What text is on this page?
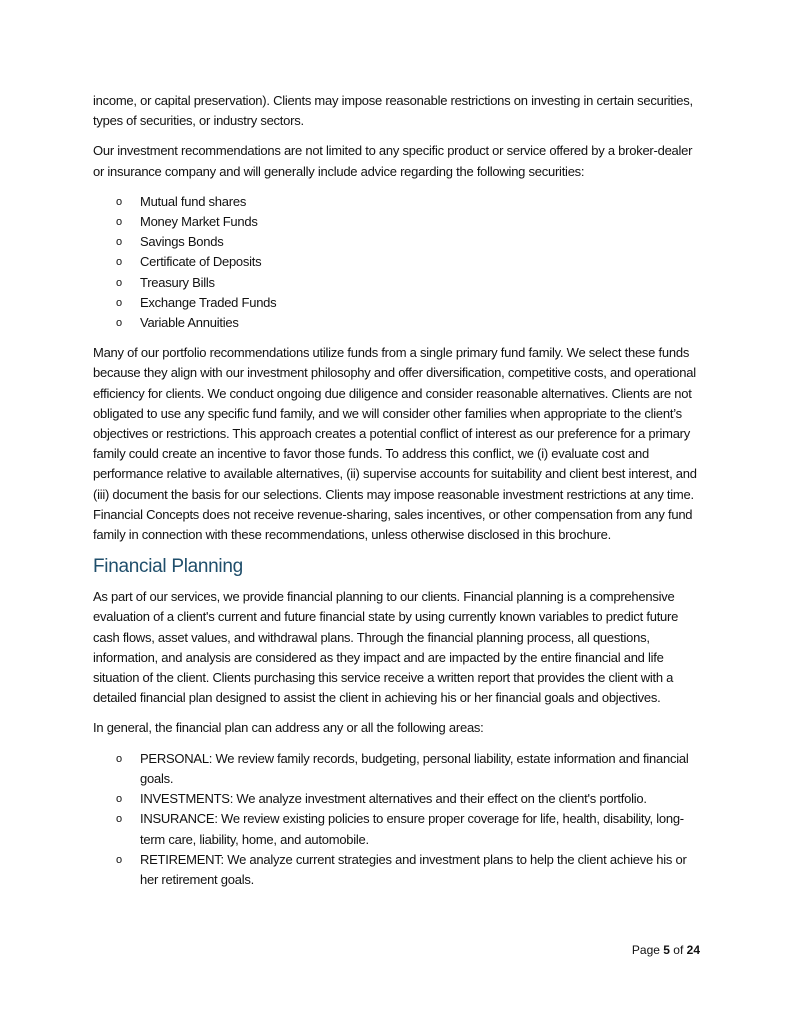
income, or capital preservation). Clients may impose reasonable restrictions on investing in certain securities, types of securities, or industry sectors.

Our investment recommendations are not limited to any specific product or service offered by a broker-dealer or insurance company and will generally include advice regarding the following securities:

o Mutual fund shares
o Money Market Funds
o Savings Bonds
o Certificate of Deposits
o Treasury Bills
o Exchange Traded Funds
o Variable Annuities

Many of our portfolio recommendations utilize funds from a single primary fund family. We select these funds because they align with our investment philosophy and offer diversification, competitive costs, and operational efficiency for clients. We conduct ongoing due diligence and consider reasonable alternatives. Clients are not obligated to use any specific fund family, and we will consider other families when appropriate to the client’s objectives or restrictions. This approach creates a potential conflict of interest as our preference for a primary family could create an incentive to favor those funds. To address this conflict, we (i) evaluate cost and performance relative to available alternatives, (ii) supervise accounts for suitability and client best interest, and (iii) document the basis for our selections. Clients may impose reasonable investment restrictions at any time. Financial Concepts does not receive revenue-sharing, sales incentives, or other compensation from any fund family in connection with these recommendations, unless otherwise disclosed in this brochure.

Financial Planning

As part of our services, we provide financial planning to our clients. Financial planning is a comprehensive evaluation of a client's current and future financial state by using currently known variables to predict future cash flows, asset values, and withdrawal plans. Through the financial planning process, all questions, information, and analysis are considered as they impact and are impacted by the entire financial and life situation of the client. Clients purchasing this service receive a written report that provides the client with a detailed financial plan designed to assist the client in achieving his or her financial goals and objectives.

In general, the financial plan can address any or all the following areas:

o PERSONAL: We review family records, budgeting, personal liability, estate information and financial goals.
o INVESTMENTS: We analyze investment alternatives and their effect on the client's portfolio.
o INSURANCE: We review existing policies to ensure proper coverage for life, health, disability, long-term care, liability, home, and automobile.
o RETIREMENT: We analyze current strategies and investment plans to help the client achieve his or her retirement goals.
Page 5 of 24
